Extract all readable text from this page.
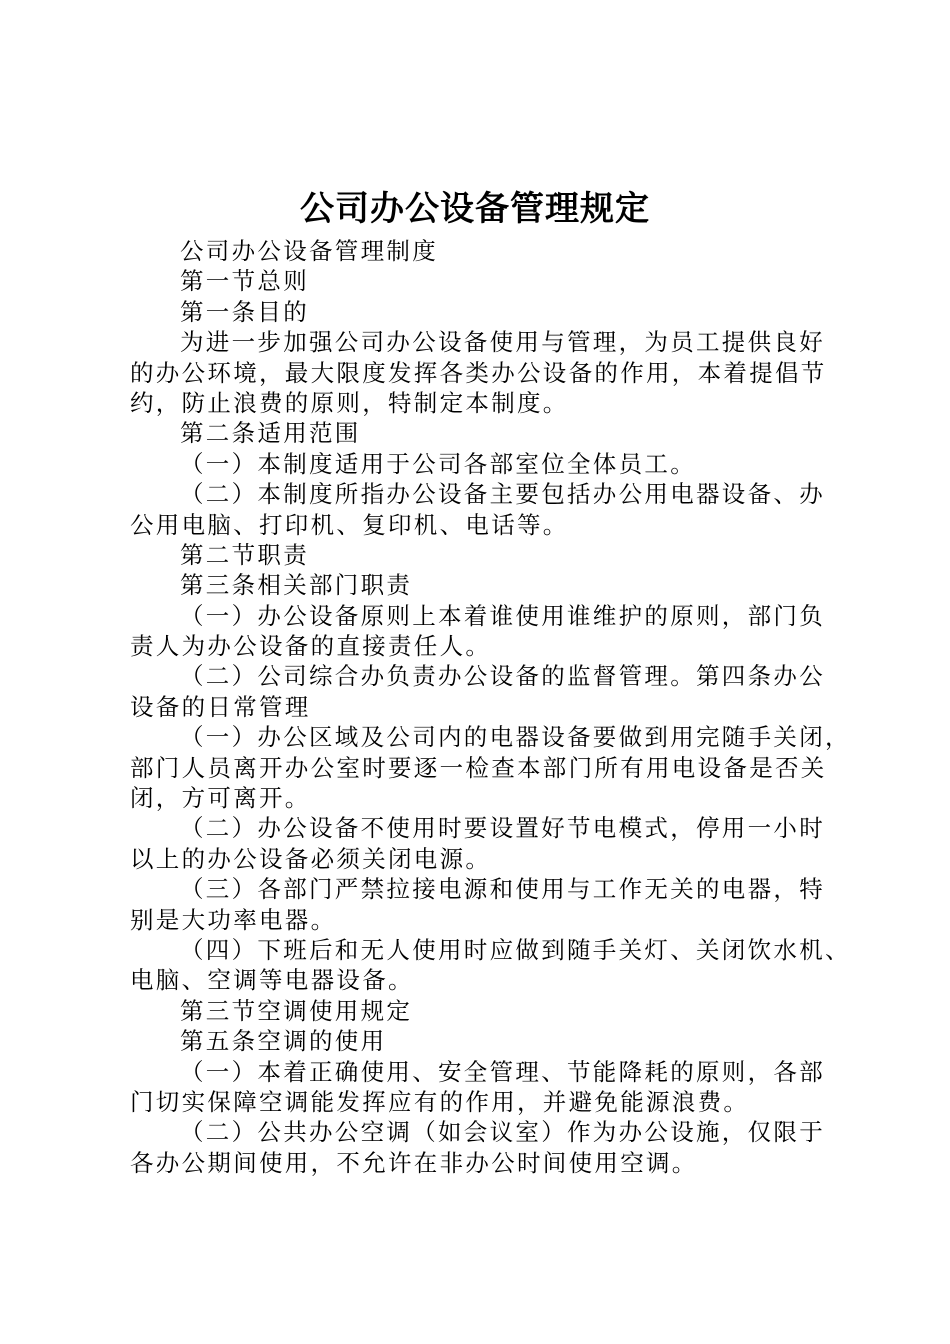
公司办公设备管理规定
公司办公设备管理制度
第一节总则
第一条目的
为进一步加强公司办公设备使用与管理，为员工提供良好
的办公环境，最大限度发挥各类办公设备的作用，本着提倡节
约，防止浪费的原则，特制定本制度。
第二条适用范围
（一）本制度适用于公司各部室位全体员工。
（二）本制度所指办公设备主要包括办公用电器设备、办
公用电脑、打印机、复印机、电话等。
第二节职责
第三条相关部门职责
（一）办公设备原则上本着谁使用谁维护的原则，部门负
责人为办公设备的直接责任人。
（二）公司综合办负责办公设备的监督管理。第四条办公
设备的日常管理
（一）办公区域及公司内的电器设备要做到用完随手关闭，
部门人员离开办公室时要逐一检查本部门所有用电设备是否关
闭，方可离开。
（二）办公设备不使用时要设置好节电模式，停用一小时
以上的办公设备必须关闭电源。
（三）各部门严禁拉接电源和使用与工作无关的电器，特
别是大功率电器。
（四）下班后和无人使用时应做到随手关灯、关闭饮水机、
电脑、空调等电器设备。
第三节空调使用规定
第五条空调的使用
（一）本着正确使用、安全管理、节能降耗的原则，各部
门切实保障空调能发挥应有的作用，并避免能源浪费。
（二）公共办公空调（如会议室）作为办公设施，仅限于
各办公期间使用，不允许在非办公时间使用空调。
